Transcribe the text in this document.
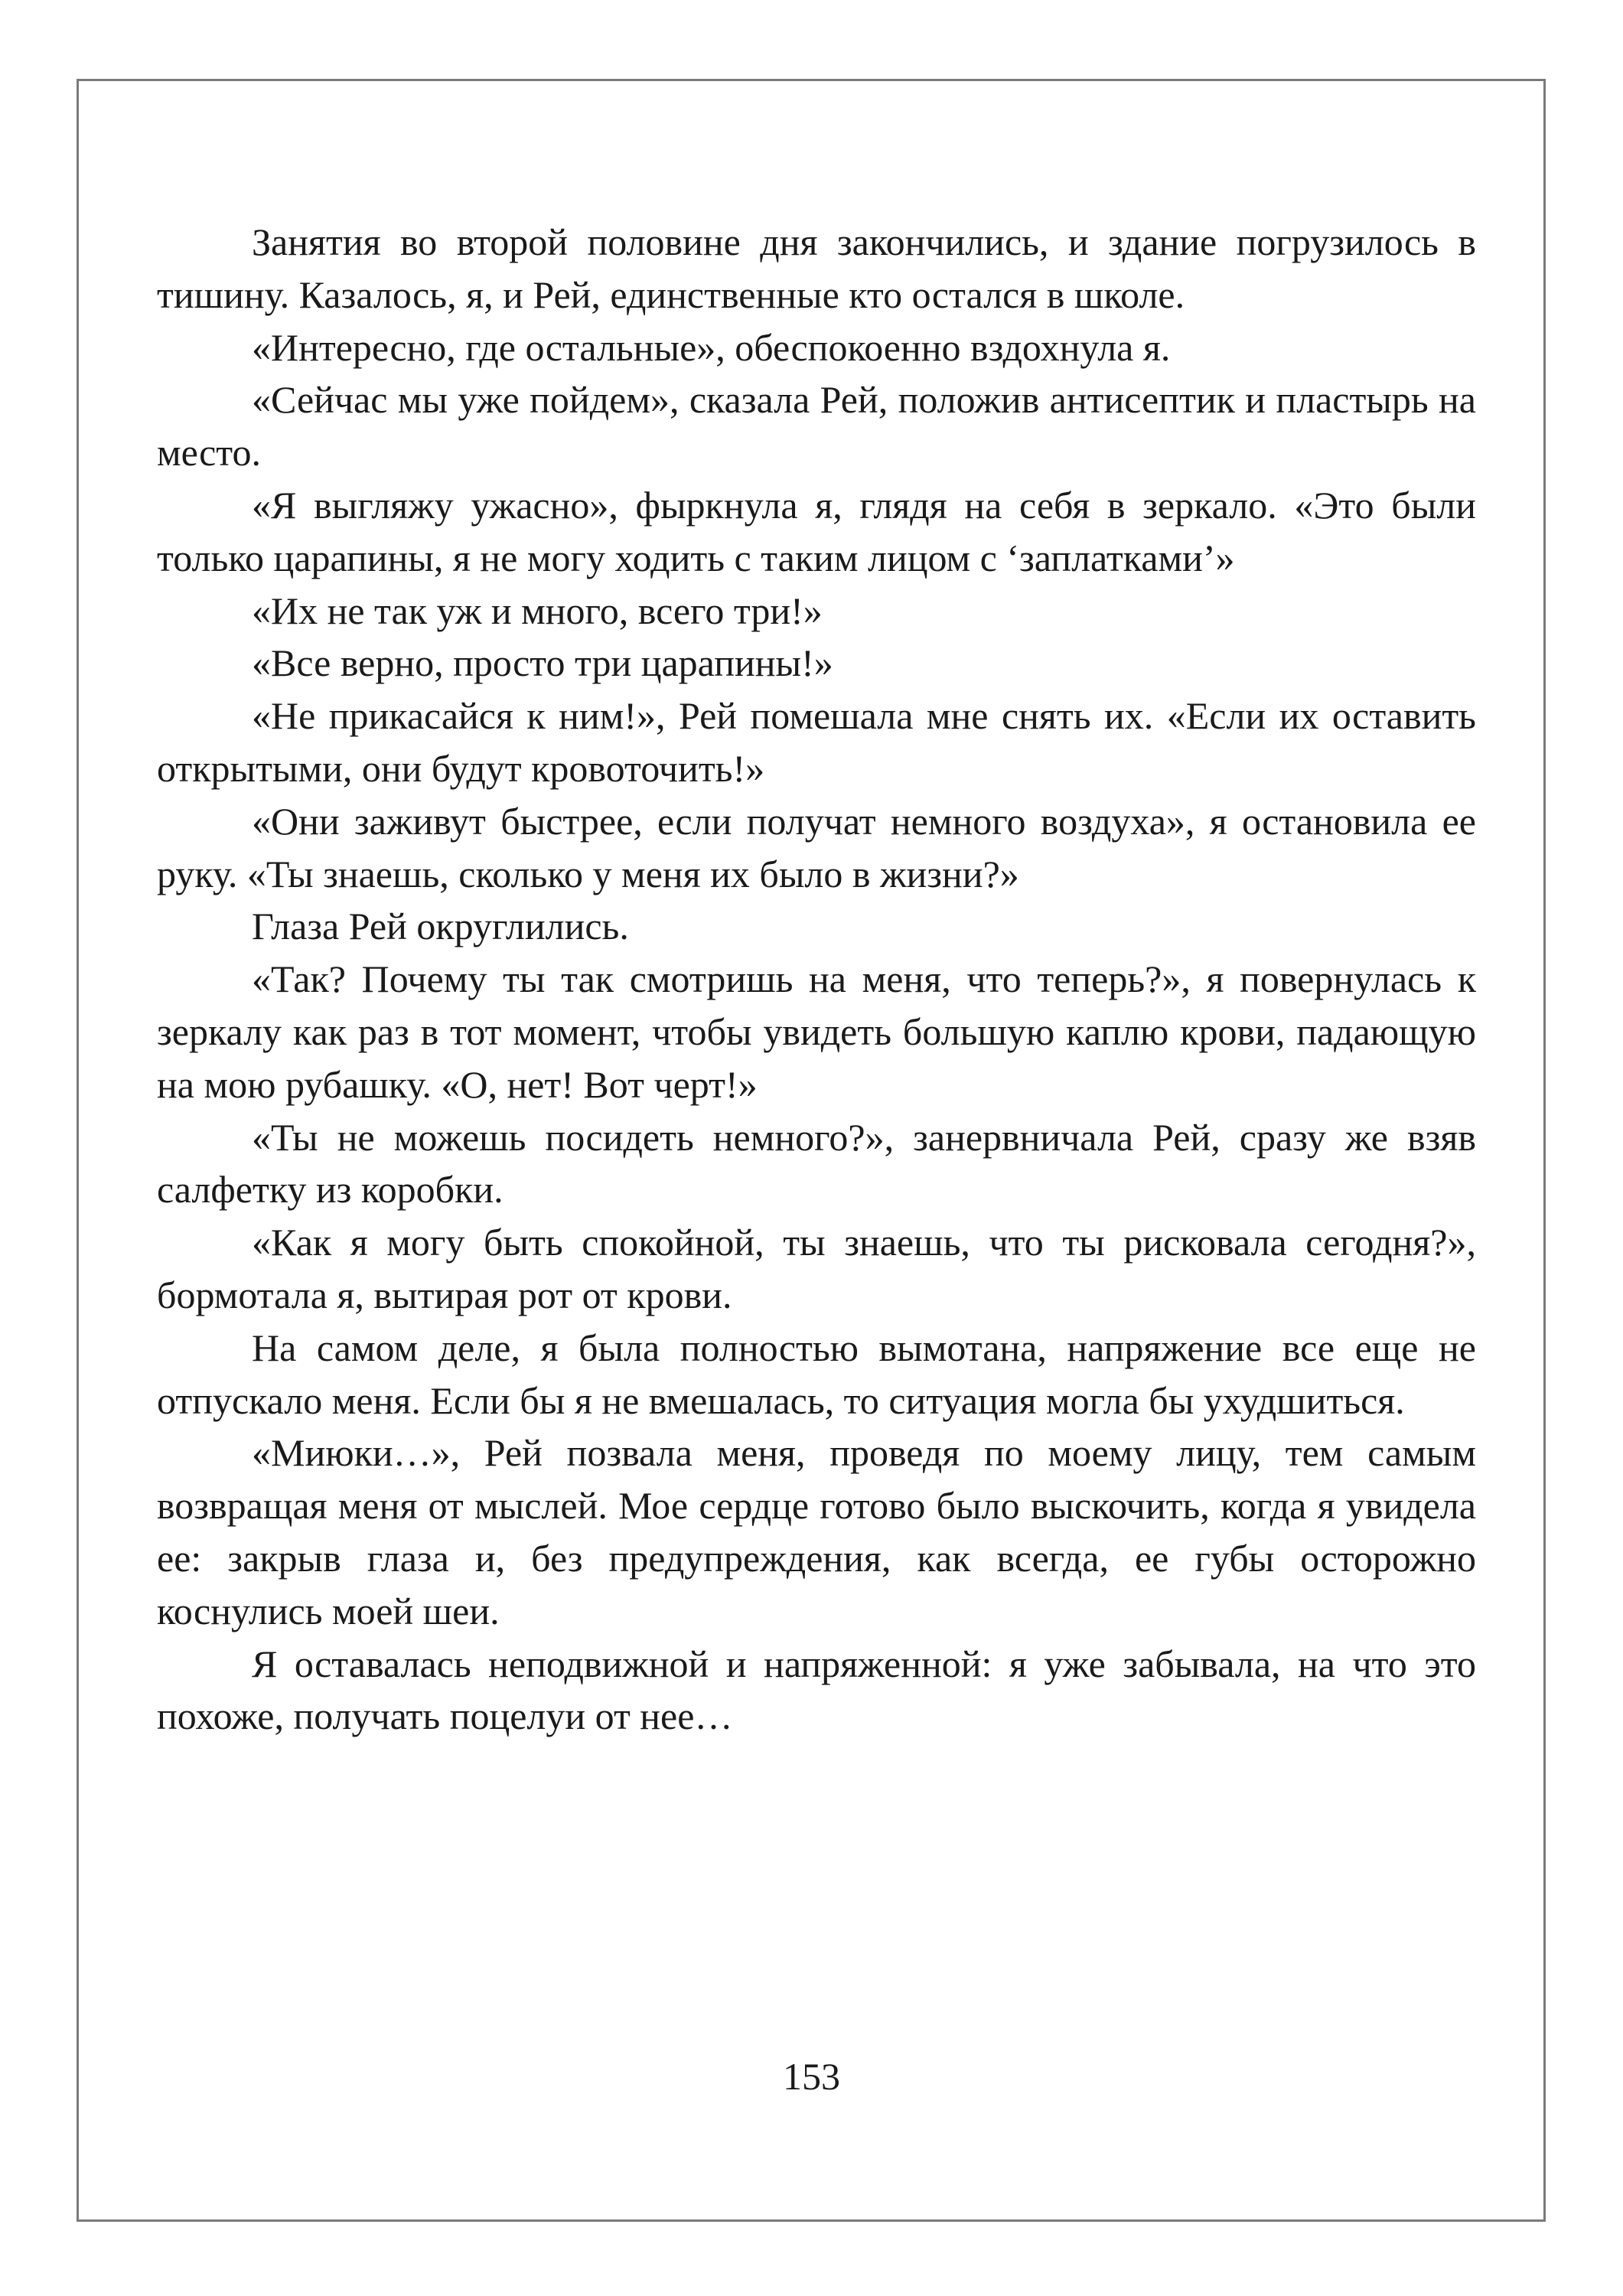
Занятия во второй половине дня закончились, и здание погрузилось в тишину. Казалось, я, и Рей, единственные кто остался в школе.

«Интересно, где остальные», обеспокоенно вздохнула я.

«Сейчас мы уже пойдем», сказала Рей, положив антисептик и пластырь на место.

«Я выгляжу ужасно», фыркнула я, глядя на себя в зеркало. «Это были только царапины, я не могу ходить с таким лицом с ‘заплатками’»

«Их не так уж и много, всего три!»

«Все верно, просто три царапины!»

«Не прикасайся к ним!», Рей помешала мне снять их. «Если их оставить открытыми, они будут кровоточить!»

«Они заживут быстрее, если получат немного воздуха», я остановила ее руку. «Ты знаешь, сколько у меня их было в жизни?»

Глаза Рей округлились.

«Так? Почему ты так смотришь на меня, что теперь?», я повернулась к зеркалу как раз в тот момент, чтобы увидеть большую каплю крови, падающую на мою рубашку. «О, нет! Вот черт!»

«Ты не можешь посидеть немного?», занервничала Рей, сразу же взяв салфетку из коробки.

«Как я могу быть спокойной, ты знаешь, что ты рисковала сегодня?», бормотала я, вытирая рот от крови.

На самом деле, я была полностью вымотана, напряжение все еще не отпускало меня. Если бы я не вмешалась, то ситуация могла бы ухудшиться.

«Миюки…», Рей позвала меня, проведя по моему лицу, тем самым возвращая меня от мыслей. Мое сердце готово было выскочить, когда я увидела ее: закрыв глаза и, без предупреждения, как всегда, ее губы осторожно коснулись моей шеи.

Я оставалась неподвижной и напряженной: я уже забывала, на что это похоже, получать поцелуи от нее…

153
